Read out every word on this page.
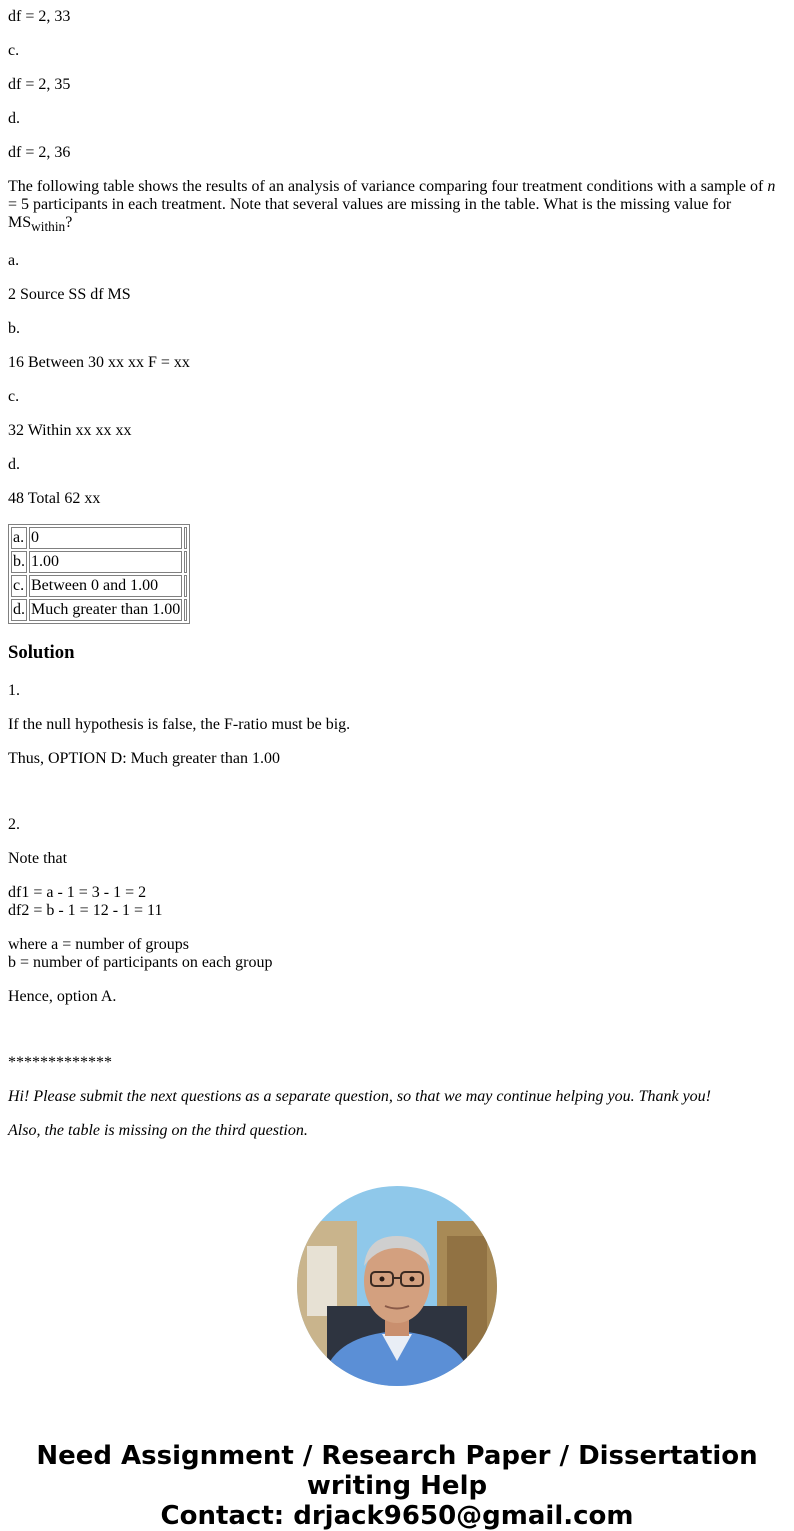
df = 2, 33

c.

df = 2, 35

d.

df = 2, 36

The following table shows the results of an analysis of variance comparing four treatment conditions with a sample of n = 5 participants in each treatment. Note that several values are missing in the table. What is the missing value for $MS_{within}$?

a.

2 Source SS df MS

b.

16 Between 30 xx xx F = xx

c.

32 Within xx xx xx

d.

48 Total 62 xx

a.	0	
b.	1.00	
c.	Between 0 and 1.00	
d.	Much greater than 1.00	
Solution

1.

If the null hypothesis is false, the F-ratio must be big.

Thus, OPTION D: Much greater than 1.00

2.

Note that

df1 = a - 1 = 3 - 1 = 2
df2 = b - 1 = 12 - 1 = 11

where a = number of groups
b = number of participants on each group

Hence, option A.

*************

Hi! Please submit the next questions as a separate question, so that we may continue helping you. Thank you!

Also, the table is missing on the third question.

Need Assignment / Research Paper / Dissertation writing Help
Contact: drjack9650@gmail.com
